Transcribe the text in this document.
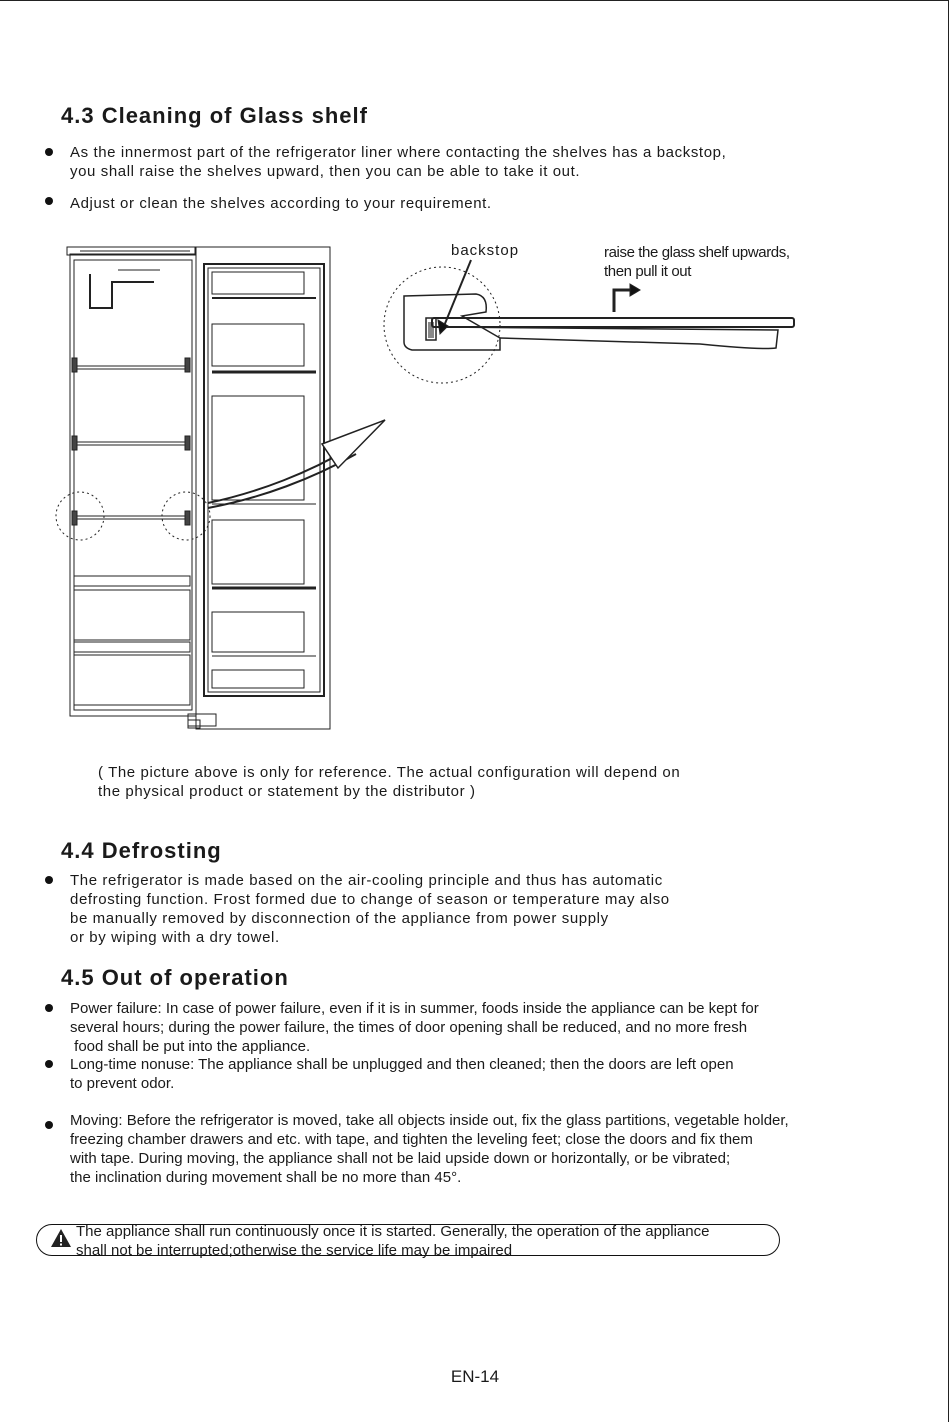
4.3 Cleaning of Glass shelf

As the innermost part of the refrigerator liner where contacting the shelves has a backstop,
you shall raise the shelves upward, then you can be able to take it out.

Adjust or clean the shelves according to your requirement.

backstop	raise the glass shelf upwards,
then pull it out

( The picture above is only for reference. The actual configuration will depend on
the physical product or statement by the distributor )

4.4 Defrosting

The refrigerator is made based on the air-cooling principle and thus has automatic
defrosting function. Frost formed due to change of season or temperature may also
be manually removed by disconnection of the appliance from power supply
or by wiping with a dry towel.

4.5 Out of operation

Power failure: In case of power failure, even if it is in summer, foods inside the appliance can be kept for
several hours; during the power failure, the times of door opening shall be reduced, and no more fresh
food shall be put into the appliance.

Long-time nonuse: The appliance shall be unplugged and then cleaned; then the doors are left open
to prevent odor.

Moving: Before the refrigerator is moved, take all objects inside out, fix the glass partitions, vegetable holder,
freezing chamber drawers and etc. with tape, and tighten the leveling feet; close the doors and fix them
with tape. During moving, the appliance shall not be laid upside down or horizontally, or be vibrated;
the inclination during movement shall be no more than 45°.

The appliance shall run continuously once it is started. Generally, the operation of the appliance
shall not be interrupted;otherwise the service life may be impaired

EN-14
